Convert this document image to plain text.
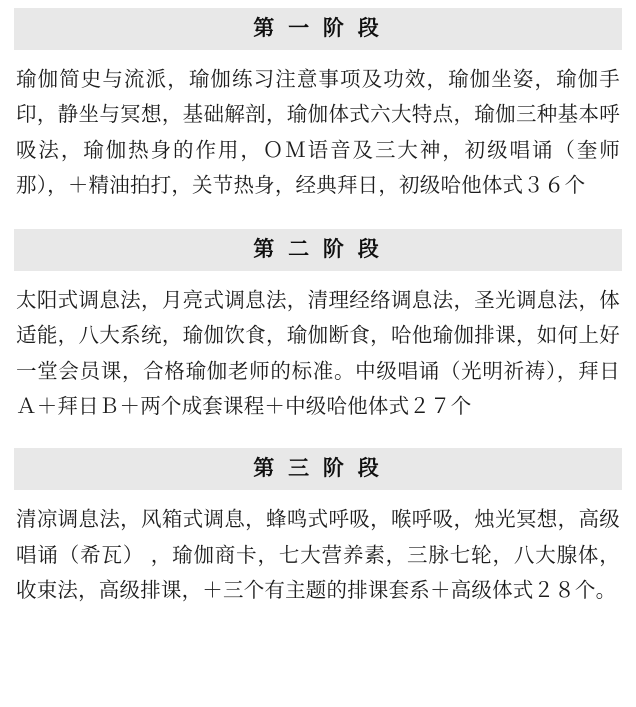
第 一 阶 段
瑜伽简史与流派，瑜伽练习注意事项及功效，瑜伽坐姿，瑜伽手印，静坐与冥想，基础解剖，瑜伽体式六大特点，瑜伽三种基本呼吸法，瑜伽热身的作用，ＯＭ语音及三大神，初级唱诵（奎师那），＋精油拍打，关节热身，经典拜日，初级哈他体式３６个
第 二 阶 段
太阳式调息法，月亮式调息法，清理经络调息法，圣光调息法，体适能，八大系统，瑜伽饮食，瑜伽断食，哈他瑜伽排课，如何上好一堂会员课，合格瑜伽老师的标准。中级唱诵（光明祈祷），拜日Ａ＋拜日Ｂ＋两个成套课程＋中级哈他体式２７个
第 三 阶 段
清凉调息法，风箱式调息，蜂鸣式呼吸，喉呼吸，烛光冥想，高级唱诵（希瓦） ，瑜伽商卡，七大营养素，三脉七轮，八大腺体，收束法，高级排课，＋三个有主题的排课套系＋高级体式２８个。
